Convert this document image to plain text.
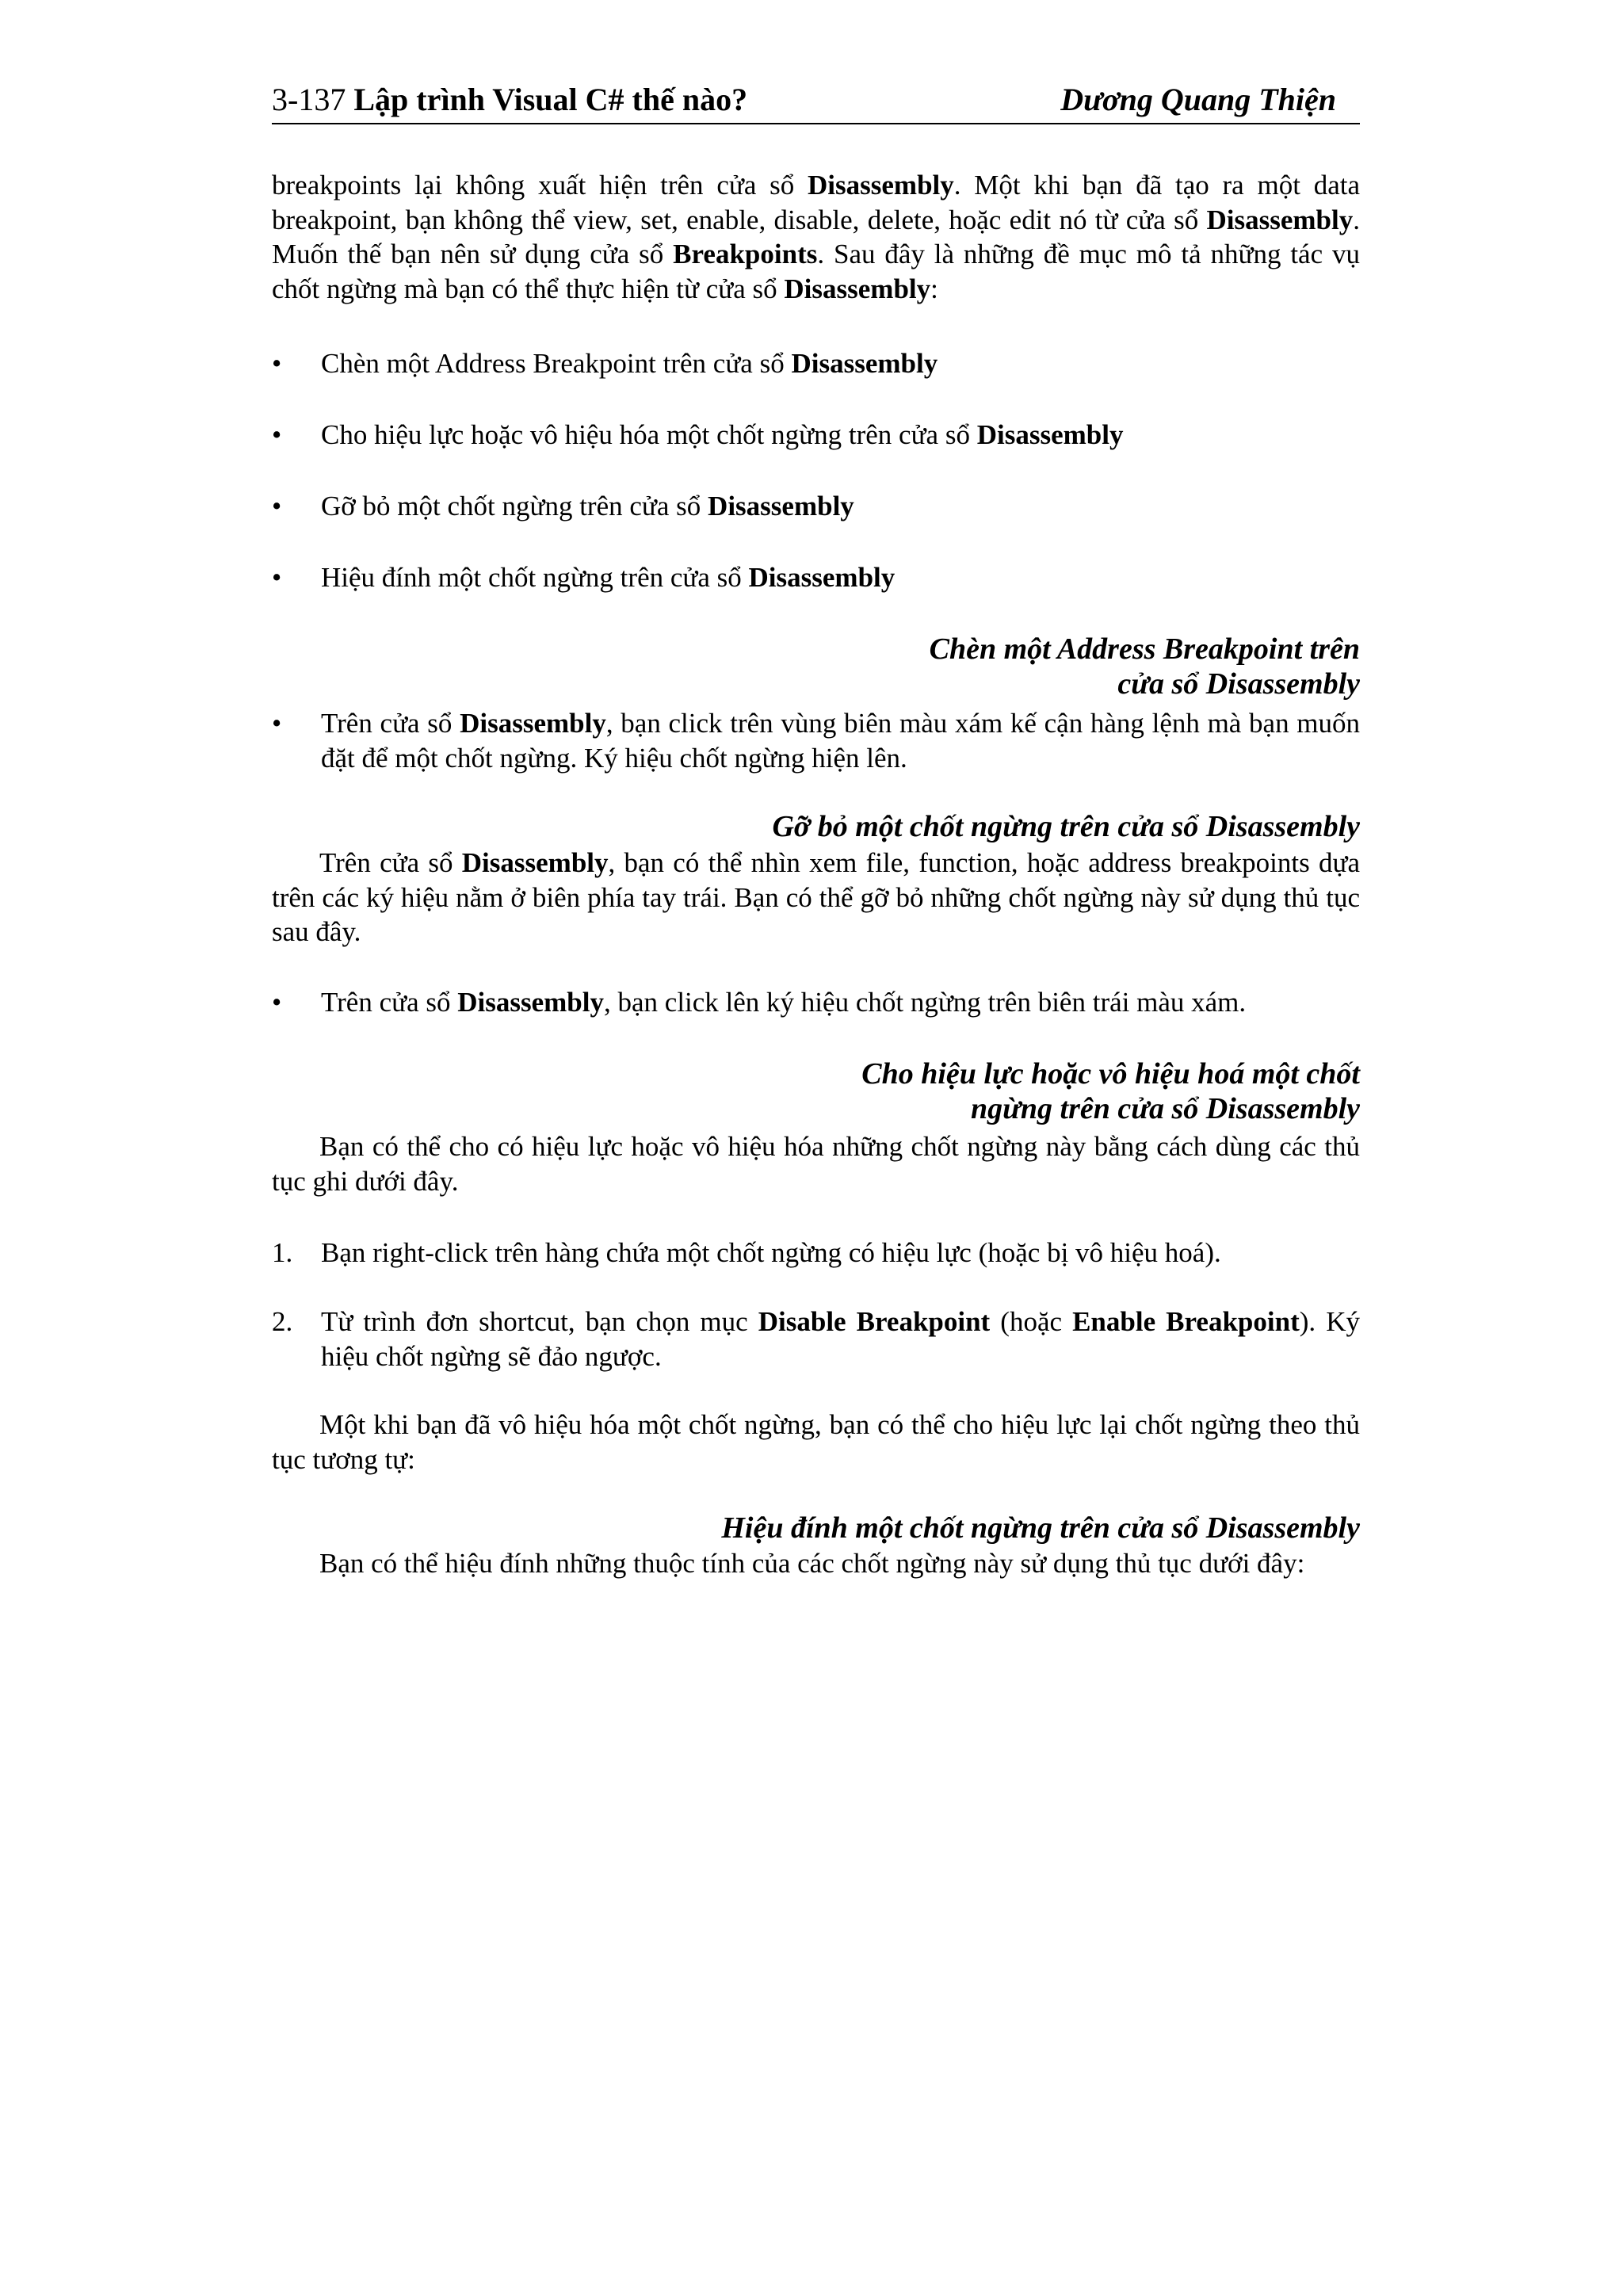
3-137 Lập trình Visual C# thế nào?	Dương Quang Thiện

breakpoints lại không xuất hiện trên cửa sổ Disassembly. Một khi bạn đã tạo ra một data breakpoint, bạn không thể view, set, enable, disable, delete, hoặc edit nó từ cửa sổ Disassembly. Muốn thế bạn nên sử dụng cửa sổ Breakpoints. Sau đây là những đề mục mô tả những tác vụ chốt ngừng mà bạn có thể thực hiện từ cửa sổ Disassembly:

•	Chèn một Address Breakpoint trên cửa sổ Disassembly
•	Cho hiệu lực hoặc vô hiệu hóa một chốt ngừng trên cửa sổ Disassembly
•	Gỡ bỏ một chốt ngừng trên cửa sổ Disassembly
•	Hiệu đính một chốt ngừng trên cửa sổ Disassembly
Chèn một Address Breakpoint trên
cửa sổ Disassembly
•	Trên cửa sổ Disassembly, bạn click trên vùng biên màu xám kế cận hàng lệnh mà bạn muốn đặt để một chốt ngừng. Ký hiệu chốt ngừng hiện lên.
Gỡ bỏ một chốt ngừng trên cửa sổ Disassembly

Trên cửa sổ Disassembly, bạn có thể nhìn xem file, function, hoặc address breakpoints dựa trên các ký hiệu nằm ở biên phía tay trái. Bạn có thể gỡ bỏ những chốt ngừng này sử dụng thủ tục sau đây.

•	Trên cửa sổ Disassembly, bạn click lên ký hiệu chốt ngừng trên biên trái màu xám.
Cho hiệu lực hoặc vô hiệu hoá một chốt
ngừng trên cửa sổ Disassembly

Bạn có thể cho có hiệu lực hoặc vô hiệu hóa những chốt ngừng này bằng cách dùng các thủ tục ghi dưới đây.

1.	Bạn right-click trên hàng chứa một chốt ngừng có hiệu lực (hoặc bị vô hiệu hoá).
2.	Từ trình đơn shortcut, bạn chọn mục Disable Breakpoint (hoặc Enable Breakpoint). Ký hiệu chốt ngừng sẽ đảo ngược.

Một khi bạn đã vô hiệu hóa một chốt ngừng, bạn có thể cho hiệu lực lại chốt ngừng theo thủ tục tương tự:

Hiệu đính một chốt ngừng trên cửa sổ Disassembly

Bạn có thể hiệu đính những thuộc tính của các chốt ngừng này sử dụng thủ tục dưới đây:
